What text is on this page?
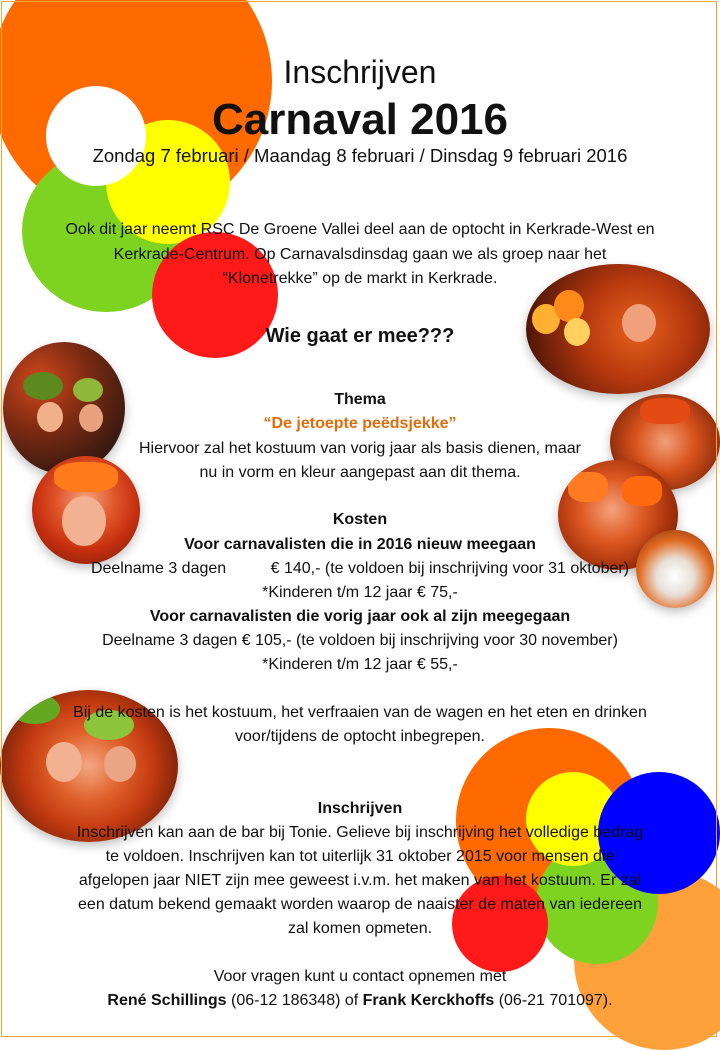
Inschrijven
Carnaval 2016
Zondag 7 februari / Maandag 8 februari / Dinsdag 9 februari 2016
Ook dit jaar neemt RSC De Groene Vallei deel aan de optocht in Kerkrade-West en
Kerkrade-Centrum. Op Carnavalsdinsdag gaan we als groep naar het
“Klonetrekke” op de markt in Kerkrade.
Wie gaat er mee???
Thema
“De jetoepte peëdsjekke”
Hiervoor zal het kostuum van vorig jaar als basis dienen, maar
nu in vorm en kleur aangepast aan dit thema.
Kosten
Voor carnavalisten die in 2016 nieuw meegaan
Deelname 3 dagen          € 140,- (te voldoen bij inschrijving voor 31 oktober)
*Kinderen t/m 12 jaar € 75,-
Voor carnavalisten die vorig jaar ook al zijn meegegaan
Deelname 3 dagen € 105,- (te voldoen bij inschrijving voor 30 november)
*Kinderen t/m 12 jaar € 55,-
Bij de kosten is het kostuum, het verfraaien van de wagen en het eten en drinken
voor/tijdens de optocht inbegrepen.
Inschrijven
Inschrijven kan aan de bar bij Tonie. Gelieve bij inschrijving het volledige bedrag
te voldoen. Inschrijven kan tot uiterlijk 31 oktober 2015 voor mensen die
afgelopen jaar NIET zijn mee geweest i.v.m. het maken van het kostuum. Er zal
een datum bekend gemaakt worden waarop de naaister de maten van iedereen
zal komen opmeten.
Voor vragen kunt u contact opnemen met
René Schillings (06-12 186348) of Frank Kerckhoffs (06-21 701097).
